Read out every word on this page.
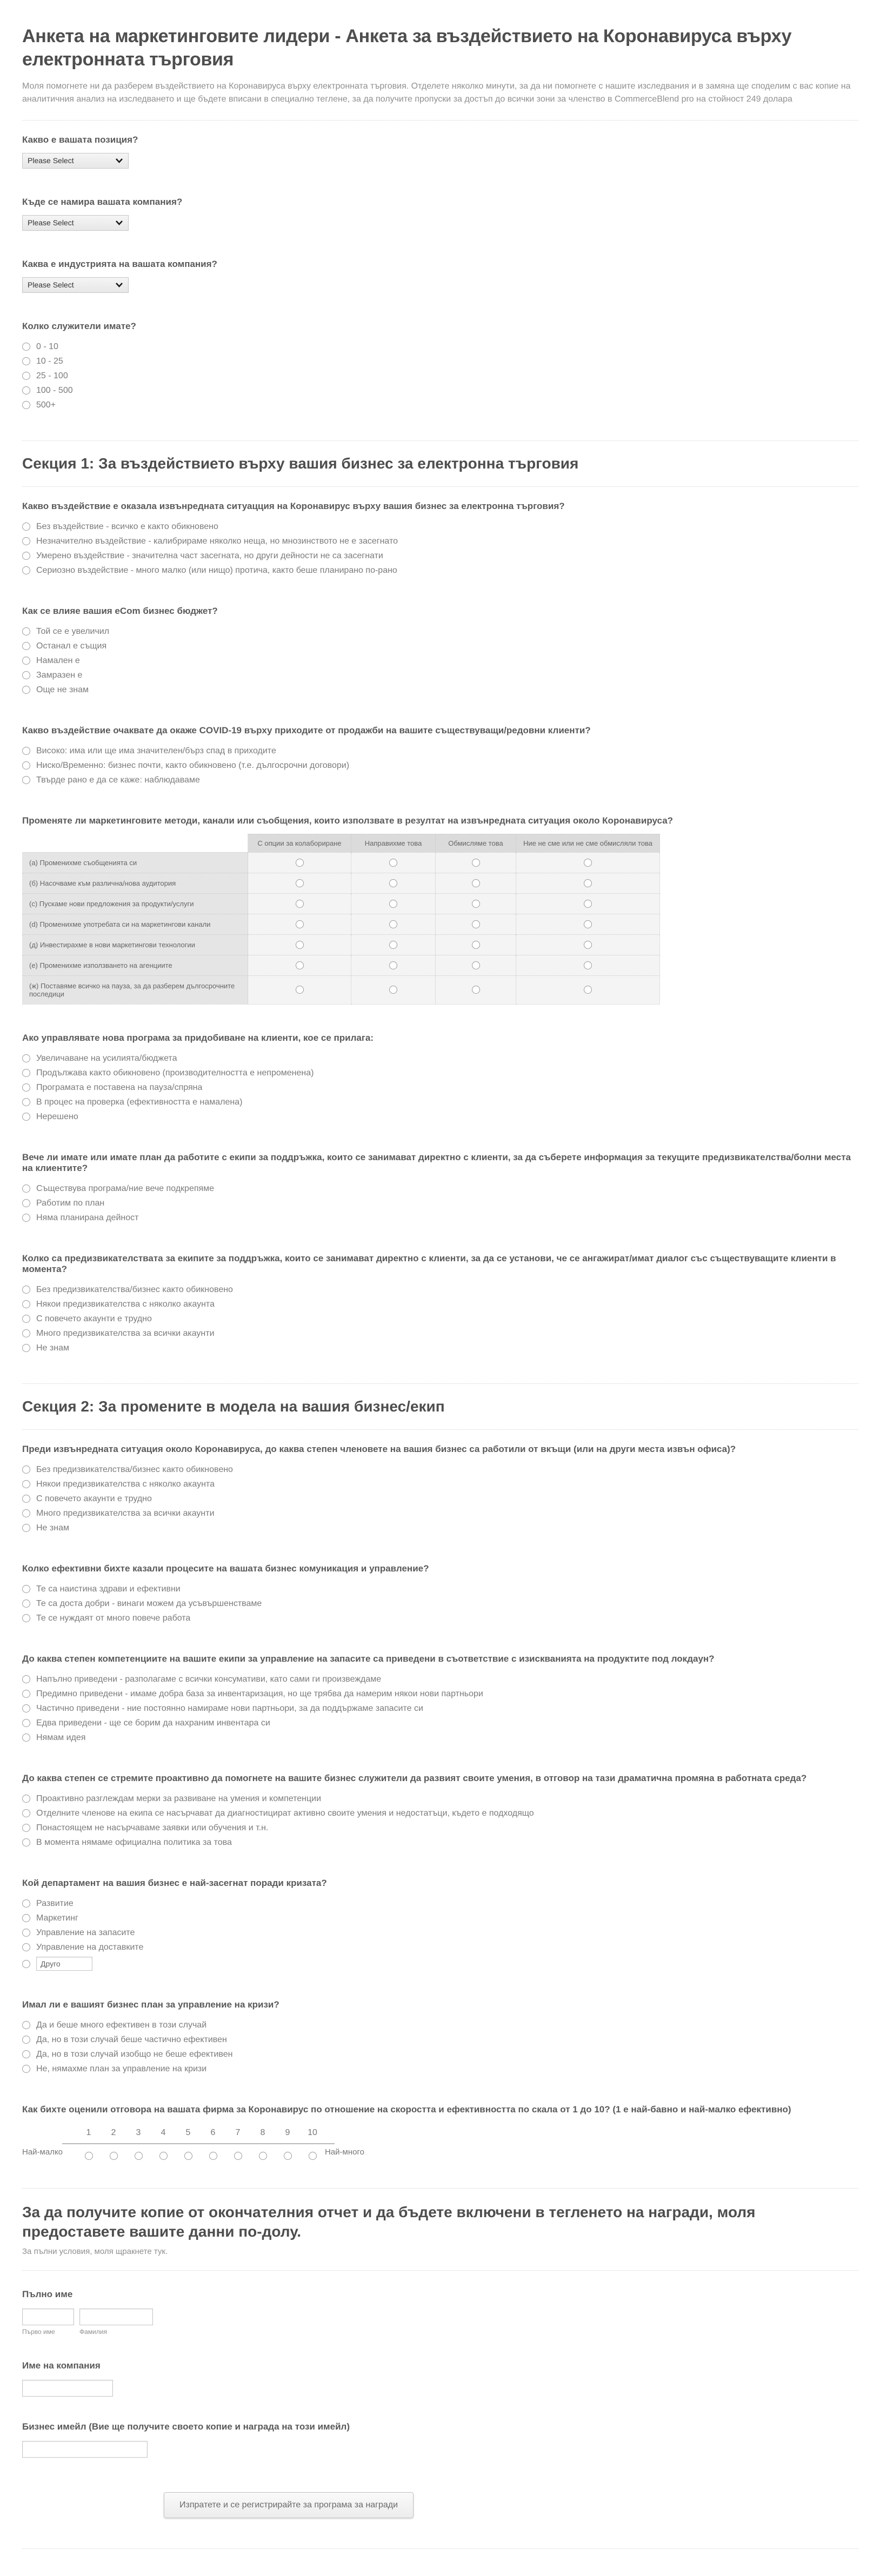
Анкета на маркетинговите лидери - Анкета за въздействието на Коронавируса върху електронната търговия

Моля помогнете ни да разберем въздействието на Коронавируса върху електронната търговия. Отделете няколко минути, за да ни помогнете с нашите изследвания и в замяна ще споделим с вас копие на аналитичния анализ на изследването и ще бъдете вписани в специално теглене, за да получите пропуски за достъп до всички зони за членство в CommerceBlend pro на стойност 249 долара

Какво е вашата позиция?
Please Select
Къде се намира вашата компания?
Please Select
Каква е индустрията на вашата компания?
Please Select
Колко служители имате?
0 - 10
10 - 25
25 - 100
100 - 500
500+
Секция 1: За въздействието върху вашия бизнес за електронна търговия
Какво въздействие е оказала извънредната ситуацция на Коронавирус върху вашия бизнес за електронна търговия?
Без въздействие - всичко е както обикновено
Незначително въздействие - калибрираме няколко неща, но мнозинството не е засегнато
Умерено въздействие - значителна част засегната, но други дейности не са засегнати
Сериозно въздействие - много малко (или нищо) протича, както беше планирано по-рано
Как се влияе вашия eCom бизнес бюджет?
Той се е увеличил
Останал е същия
Намален е
Замразен е
Още не знам
Какво въздействие очаквате да окаже COVID-19 върху приходите от продажби на вашите съществуващи/редовни клиенти?
Високо: има или ще има значителен/бърз спад в приходите
Ниско/Временно: бизнес почти, както обикновено (т.е. дългосрочни договори)
Твърде рано е да се каже: наблюдаваме
Променяте ли маркетинговите методи, канали или съобщения, които използвате в резултат на извънредната ситуация около Коронавируса?
	С опции за колабориране	Направихме това	Обмисляме това	Ние не сме или не сме обмисляли това
(а) Променихме съобщенията си	

(б) Насочваме към различна/нова аудитория	

(с) Пускаме нови предложения за продукти/услуги	

(d) Променихме употребата си на маркетингови канали	

(д) Инвестирахме в нови маркетингови технологии	

(е) Променихме използването на агенциите	

(ж) Поставяме всичко на пауза, за да разберем дългосрочните последици	

Ако управлявате нова програма за придобиване на клиенти, кое се прилага:
Увеличаване на усилията/бюджета
Продължава както обикновено (производителността е непроменена)
Програмата е поставена на пауза/спряна
В процес на проверка (ефективността е намалена)
Нерешено
Вече ли имате или имате план да работите с екипи за поддръжка, които се занимават директно с клиенти, за да съберете информация за текущите предизвикателства/болни места на клиентите?
Съществува програма/ние вече подкрепяме
Работим по план
Няма планирана дейност
Колко са предизвикателствата за екипите за поддръжка, които се занимават директно с клиенти, за да се установи, че се ангажират/имат диалог със съществуващите клиенти в момента?
Без предизвикателства/бизнес както обикновено
Някои предизвикателства с няколко акаунта
С повечето акаунти е трудно
Много предизвикателства за всички акаунти
Не знам
Секция 2: За промените в модела на вашия бизнес/екип
Преди извънредната ситуация около Коронавируса, до каква степен членовете на вашия бизнес са работили от вкъщи (или на други места извън офиса)?
Без предизвикателства/бизнес както обикновено
Някои предизвикателства с няколко акаунта
С повечето акаунти е трудно
Много предизвикателства за всички акаунти
Не знам
Колко ефективни бихте казали процесите на вашата бизнес комуникация и управление?
Те са наистина здрави и ефективни
Те са доста добри - винаги можем да усъвършенстваме
Те се нуждаят от много повече работа
До каква степен компетенциите на вашите екипи за управление на запасите са приведени в съответствие с изискванията на продуктите под локдаун?
Напълно приведени - разполагаме с всички консумативи, като сами ги произвеждаме
Предимно приведени - имаме добра база за инвентаризация, но ще трябва да намерим някои нови партньори
Частично приведени - ние постоянно намираме нови партньори, за да поддържаме запасите си
Едва приведени - ще се борим да нахраним инвентара си
Нямам идея
До каква степен се стремите проактивно да помогнете на вашите бизнес служители да развият своите умения, в отговор на тази драматична промяна в работната среда?
Проактивно разглеждам мерки за развиване на умения и компетенции
Отделните членове на екипа се насърчават да диагностицират активно своите умения и недостатъци, където е подходящо
Понастоящем не насърчаваме заявки или обучения и т.н.
В момента нямаме официална политика за това
Кой департамент на вашия бизнес е най-засегнат поради кризата?
Развитие
Маркетинг
Управление на запасите
Управление на доставките
Друго
Имал ли е вашият бизнес план за управление на кризи?
Да и беше много ефективен в този случай
Да, но в този случай беше частично ефективен
Да, но в този случай изобщо не беше ефективен
Не, нямахме план за управление на кризи
Как бихте оценили отговора на вашата фирма за Коронавирус по отношение на скоростта и ефективността по скала от 1 до 10? (1 е най-бавно и най-малко ефективно)
	1	2	3	4	5	6	7	8	9	10	

Най-малко											Най-много
За да получите копие от окончателния отчет и да бъдете включени в тегленето на награди, моля предоставете вашите данни по-долу.

За пълни условия, моля щракнете тук.

Пълно име
Първо име	Фамилия
Име на компания
Бизнес имейл (Вие ще получите своето копие и награда на този имейл)
Изпратете и се регистрирайте за програма за награди
